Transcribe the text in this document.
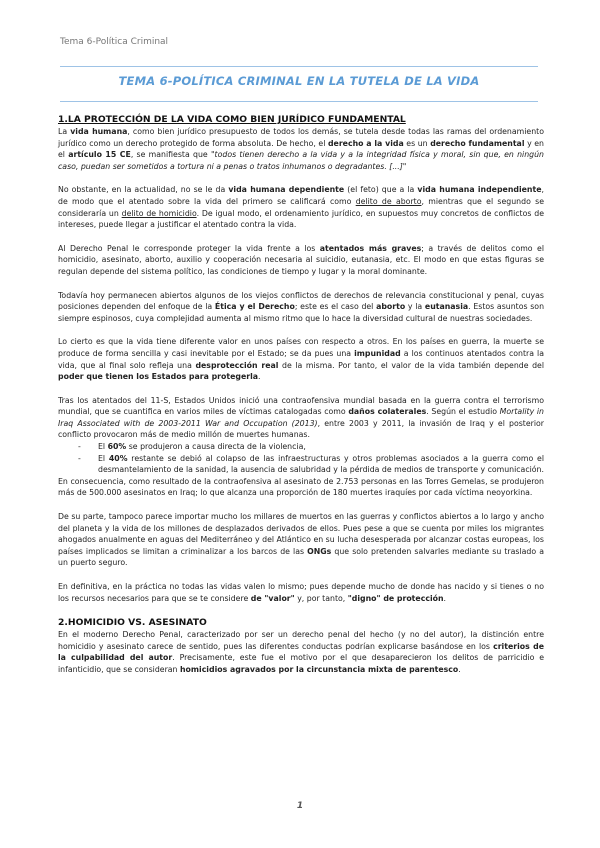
Tema 6-Política Criminal
TEMA 6-POLÍTICA CRIMINAL EN LA TUTELA DE LA VIDA
1.LA PROTECCIÓN DE LA VIDA COMO BIEN JURÍDICO FUNDAMENTAL

La vida humana, como bien jurídico presupuesto de todos los demás, se tutela desde todas las ramas del ordenamiento jurídico como un derecho protegido de forma absoluta. De hecho, el derecho a la vida es un derecho fundamental y en el artículo 15 CE, se manifiesta que "todos tienen derecho a la vida y a la integridad física y moral, sin que, en ningún caso, puedan ser sometidos a tortura ni a penas o tratos inhumanos o degradantes. [...]"

No obstante, en la actualidad, no se le da vida humana dependiente (el feto) que a la vida humana independiente, de modo que el atentado sobre la vida del primero se calificará como delito de aborto, mientras que el segundo se consideraría un delito de homicidio. De igual modo, el ordenamiento jurídico, en supuestos muy concretos de conflictos de intereses, puede llegar a justificar el atentado contra la vida.

Al Derecho Penal le corresponde proteger la vida frente a los atentados más graves; a través de delitos como el homicidio, asesinato, aborto, auxilio y cooperación necesaria al suicidio, eutanasia, etc. El modo en que estas figuras se regulan depende del sistema político, las condiciones de tiempo y lugar y la moral dominante.

Todavía hoy permanecen abiertos algunos de los viejos conflictos de derechos de relevancia constitucional y penal, cuyas posiciones dependen del enfoque de la Ética y el Derecho; este es el caso del aborto y la eutanasia. Estos asuntos son siempre espinosos, cuya complejidad aumenta al mismo ritmo que lo hace la diversidad cultural de nuestras sociedades.

Lo cierto es que la vida tiene diferente valor en unos países con respecto a otros. En los países en guerra, la muerte se produce de forma sencilla y casi inevitable por el Estado; se da pues una impunidad a los continuos atentados contra la vida, que al final solo refleja una desprotección real de la misma. Por tanto, el valor de la vida también depende del poder que tienen los Estados para protegerla.

Tras los atentados del 11-S, Estados Unidos inició una contraofensiva mundial basada en la guerra contra el terrorismo mundial, que se cuantifica en varios miles de víctimas catalogadas como daños colaterales. Según el estudio Mortality in Iraq Associated with de 2003-2011 War and Occupation (2013), entre 2003 y 2011, la invasión de Iraq y el posterior conflicto provocaron más de medio millón de muertes humanas.

- El 60% se produjeron a causa directa de la violencia,
- El 40% restante se debió al colapso de las infraestructuras y otros problemas asociados a la guerra como el desmantelamiento de la sanidad, la ausencia de salubridad y la pérdida de medios de transporte y comunicación.

En consecuencia, como resultado de la contraofensiva al asesinato de 2.753 personas en las Torres Gemelas, se produjeron más de 500.000 asesinatos en Iraq; lo que alcanza una proporción de 180 muertes iraquíes por cada víctima neoyorkina.

De su parte, tampoco parece importar mucho los millares de muertos en las guerras y conflictos abiertos a lo largo y ancho del planeta y la vida de los millones de desplazados derivados de ellos. Pues pese a que se cuenta por miles los migrantes ahogados anualmente en aguas del Mediterráneo y del Atlántico en su lucha desesperada por alcanzar costas europeas, los países implicados se limitan a criminalizar a los barcos de las ONGs que solo pretenden salvarles mediante su traslado a un puerto seguro.

En definitiva, en la práctica no todas las vidas valen lo mismo; pues depende mucho de donde has nacido y si tienes o no los recursos necesarios para que se te considere de "valor" y, por tanto, "digno" de protección.

2.HOMICIDIO VS. ASESINATO

En el moderno Derecho Penal, caracterizado por ser un derecho penal del hecho (y no del autor), la distinción entre homicidio y asesinato carece de sentido, pues las diferentes conductas podrían explicarse basándose en los criterios de la culpabilidad del autor. Precisamente, este fue el motivo por el que desaparecieron los delitos de parricidio e infanticidio, que se consideran homicidios agravados por la circunstancia mixta de parentesco.

1
